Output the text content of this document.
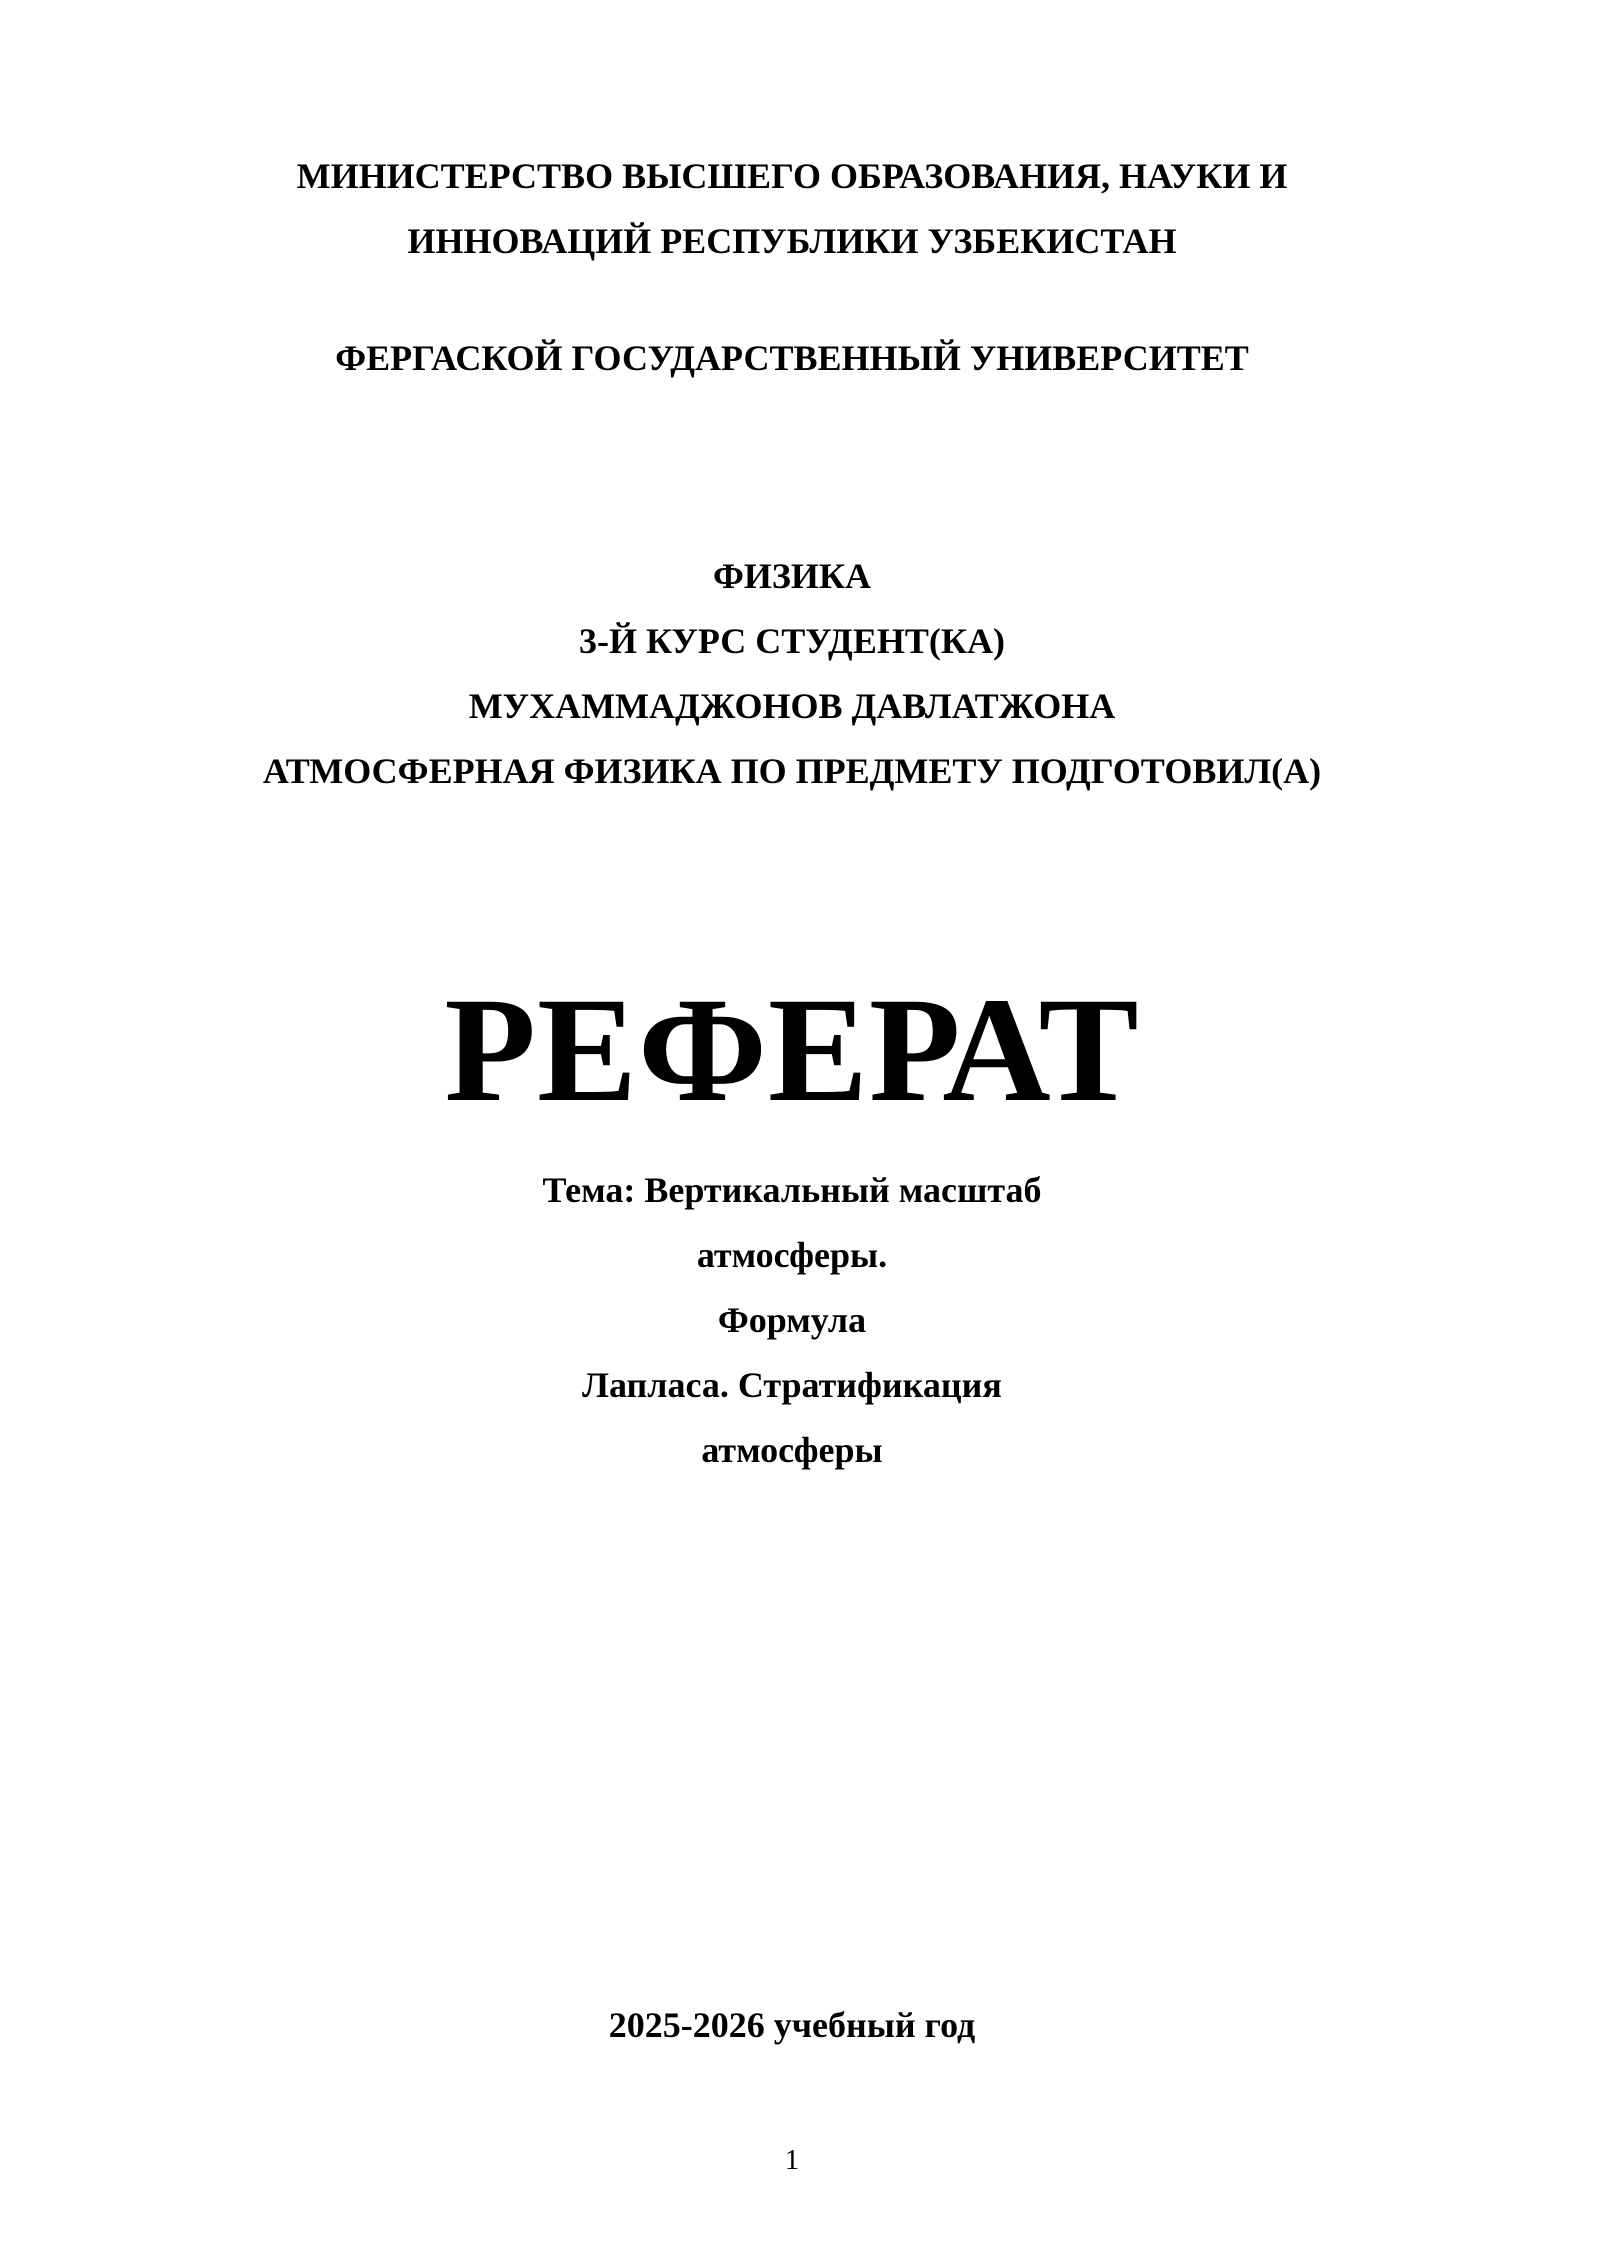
МИНИСТЕРСТВО ВЫСШЕГО ОБРАЗОВАНИЯ, НАУКИ И
ИННОВАЦИЙ РЕСПУБЛИКИ УЗБЕКИСТАН
ФЕРГАСКОЙ ГОСУДАРСТВЕННЫЙ УНИВЕРСИТЕТ
ФИЗИКА
3-Й КУРС СТУДЕНТ(КА)
МУХАММАДЖОНОВ ДАВЛАТЖОНА
АТМОСФЕРНАЯ ФИЗИКА ПО ПРЕДМЕТУ ПОДГОТОВИЛ(А)
РЕФЕРАТ
Тема: Вертикальный масштаб
атмосферы.
Формула
Лапласа. Стратификация
атмосферы
2025-2026 учебный год
1
